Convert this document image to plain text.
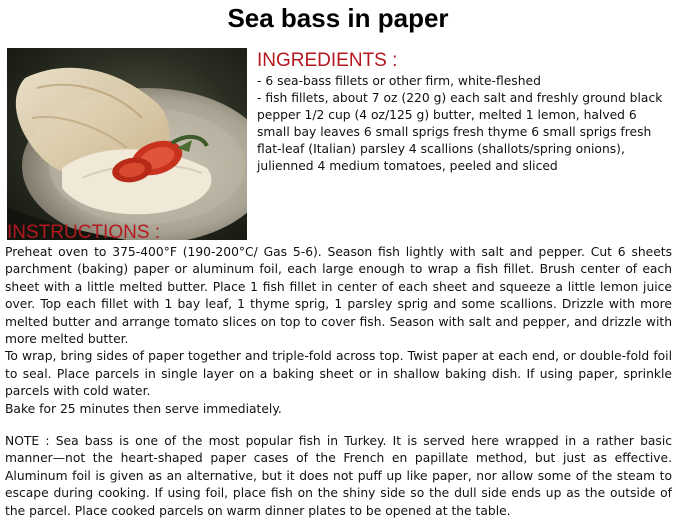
Sea bass in paper
INGREDIENTS :
- 6 sea-bass fillets or other firm, white-fleshed
- fish fillets, about 7 oz (220 g) each salt and freshly ground black pepper 1/2 cup (4 oz/125 g) butter, melted 1 lemon, halved 6 small bay leaves 6 small sprigs fresh thyme 6 small sprigs fresh flat-leaf (Italian) parsley 4 scallions (shallots/spring onions), julienned 4 medium tomatoes, peeled and sliced
INSTRUCTIONS :

Preheat oven to 375-400°F (190-200°C/ Gas 5-6). Season fish lightly with salt and pepper. Cut 6 sheets parchment (baking) paper or aluminum foil, each large enough to wrap a fish fillet. Brush center of each sheet with a little melted butter. Place 1 fish fillet in center of each sheet and squeeze a little lemon juice over. Top each fillet with 1 bay leaf, 1 thyme sprig, 1 parsley sprig and some scallions. Drizzle with more melted butter and arrange tomato slices on top to cover fish. Season with salt and pepper, and drizzle with more melted butter.

To wrap, bring sides of paper together and triple-fold across top. Twist paper at each end, or double-fold foil to seal. Place parcels in single layer on a baking sheet or in shallow baking dish. If using paper, sprinkle parcels with cold water.

Bake for 25 minutes then serve immediately.

NOTE : Sea bass is one of the most popular fish in Turkey. It is served here wrapped in a rather basic manner—not the heart-shaped paper cases of the French en papillate method, but just as effective. Aluminum foil is given as an alternative, but it does not puff up like paper, nor allow some of the steam to escape during cooking. If using foil, place fish on the shiny side so the dull side ends up as the outside of the parcel. Place cooked parcels on warm dinner plates to be opened at the table.
